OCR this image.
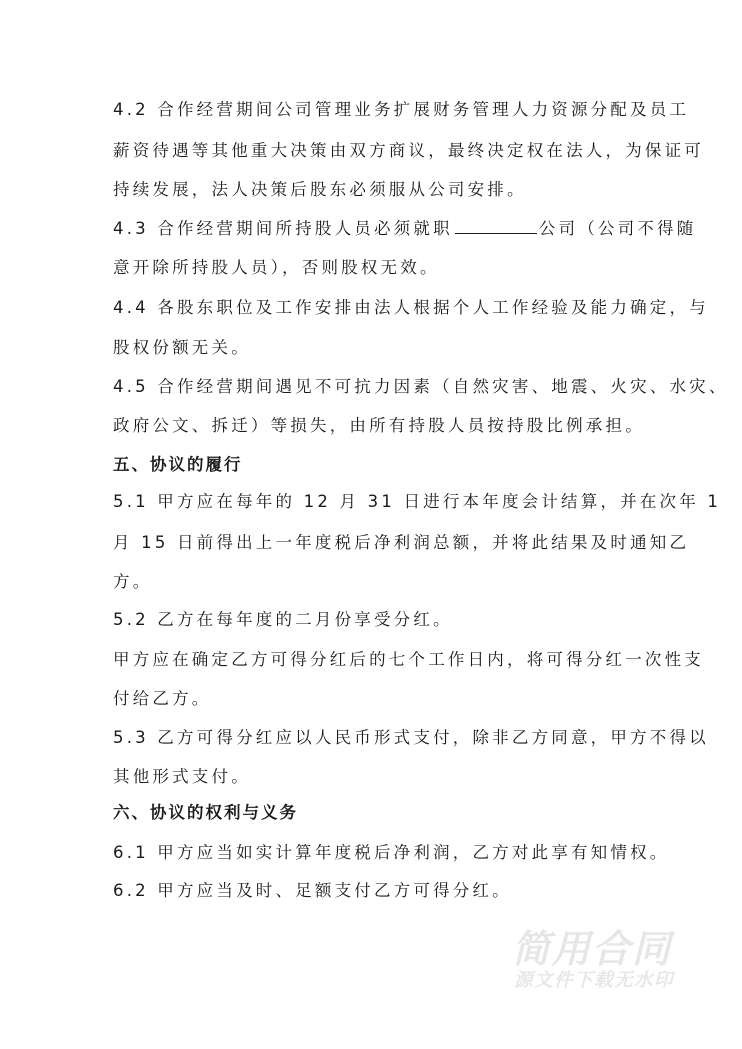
4.2 合作经营期间公司管理业务扩展财务管理人力资源分配及员工
薪资待遇等其他重大决策由双方商议，最终决定权在法人，为保证可
持续发展，法人决策后股东必须服从公司安排。
4.3 合作经营期间所持股人员必须就职	公司（公司不得随
意开除所持股人员），否则股权无效。
4.4 各股东职位及工作安排由法人根据个人工作经验及能力确定，与
股权份额无关。
4.5 合作经营期间遇见不可抗力因素（自然灾害、地震、火灾、水灾、
政府公文、拆迁）等损失，由所有持股人员按持股比例承担。
五、协议的履行
5.1 甲方应在每年的 12 月 31 日进行本年度会计结算，并在次年 1
月 15 日前得出上一年度税后净利润总额，并将此结果及时通知乙
方。
5.2 乙方在每年度的二月份享受分红。
甲方应在确定乙方可得分红后的七个工作日内，将可得分红一次性支
付给乙方。
5.3 乙方可得分红应以人民币形式支付，除非乙方同意，甲方不得以
其他形式支付。
六、协议的权利与义务
6.1 甲方应当如实计算年度税后净利润，乙方对此享有知情权。
6.2 甲方应当及时、足额支付乙方可得分红。
简用合同
源文件下载无水印
